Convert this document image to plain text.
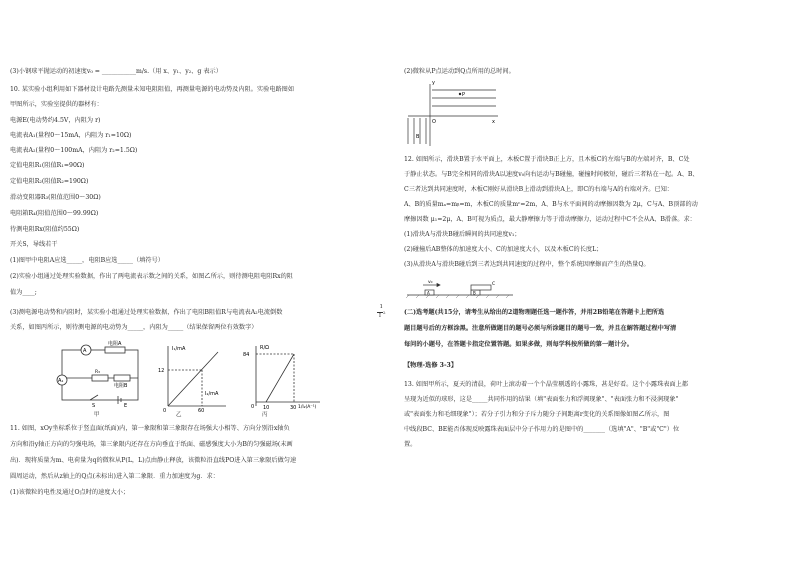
(3)小钢球平抛运动的初速度v₀ = ___________m/s.（用 x、y₁、y₂、g 表示）
10. 某实验小组利用如下器材设计电路先测量未知电阻阻值，再测量电源的电动势及内阻。实验电路图如
甲图所示，实验室提供的器材有：
电源E(电动势约4.5V，内阻为 r)
电流表A₁(量程0～15mA，内阻为 r₁=10Ω)
电流表A₂(量程0～100mA，内阻为 r₂=1.5Ω)
定值电阻R₁(阻值R₁=90Ω)
定值电阻R₂(阻值R₂=190Ω)
滑动变阻器R₃(阻值范围0～30Ω)
电阻箱R₄(阻值范围0～99.99Ω)
待测电阻Rx(阻值约55Ω)
开关S，导线若干
(1)图甲中电阻A应选_____，电阻B应选_____（填符号）
(2)实验小组通过处理实验数据，作出了两电流表示数之间的关系，如图乙所示，则待测电阻电阻Rx的阻
值为____;
(3)测电源电动势和内阻时，某实验小组通过处理实验数据，作出了电阻B阻值R与电流表A₂电流倒数
1
$I^2$
关系，如图丙所示，则待测电源的电动势为_____，内阻为_____（结果保留两位有效数字）
A
A₁
电阻A
R₃
电阻B
S	E
甲
I₁/mA
I₂/mA
12
60
0
乙
R/Ω
84
0 10	30 1/I₂(A⁻¹)
丙
11. 如图，xOy坐标系位于竖直面(纸面)内，第一象限和第三象限存在场强大小相等、方向分别沿x轴负
方向和沿y轴正方向的匀强电场，第三象限内还存在方向垂直于纸面、磁感强度大小为B的匀强磁场(未画
出)．现将质量为m、电荷量为q的微粒从P(L，L)点由静止释放，该微粒沿直线PO进入第三象限后做匀速
圆周运动，然后从z轴上的Q点(未标出)进入第二象限．重力加速度为g．求：
(1)该微粒的电性及通过O点时的速度大小；
(2)微粒从P点运动到Q点所用的总时间。
y
x
P
O
B
12. 如图所示，滑块B置于水平面上，木板C置于滑块B正上方，且木板C的左端与B的左端对齐，B、C处
于静止状态。与B完全相同的滑块A以速度v₀向右运动与B碰撞，碰撞时间极短，碰后三者粘在一起。A、B、
C三者达到共同速度时，木板C刚好从滑块B上滑动到滑块A上，即C的右端与A的右端对齐。已知：
A、B的质量mₐ=mᵦ=m，木板C的质量mᶜ=2m，A、B与水平面间的动摩擦因数为 2μ，C与A、B顶部的动
摩擦因数 μ₁=2μ，A、B可视为质点，最大静摩擦力等于滑动摩擦力，运动过程中C不会从A、B滑落。求：
(1)滑块A与滑块B碰后瞬间的共同速度v₁；
(2)碰撞后AB整体的加速度大小、C的加速度大小，以及木板C的长度L；
(3)从滑块A与滑块B碰后到三者达到共同速度的过程中，整个系统因摩擦而产生的热量Q。
v₀
A	B
C
(二)选考题(共15分，请考生从给出的2道物理题任选一题作答，并用2B铅笔在答题卡上把所选
题目题号后的方框涂黑。注意所做题目的题号必须与所涂题目的题号一致，并且在解答题过程中写清
每问的小题号，在答题卡指定位置答题。如果多做，则每学科按所做的第一题计分。
【物理-选修 3-3】
13. 如图甲所示，夏天的清晨，荷叶上滚动着一个个晶莹剔透的小露珠，甚是好看。这个小露珠表面上都
呈现为近似的球形，这是_____共同作用的结果（填"表面张力和浮阀现象"、"表面张力和不浸润现象"
或"表面张力和毛细现象"）；若分子引力和分子斥力随分子间距离r变化的关系图像如图乙所示，图
中线段BC、BE能否体现反映露珠表面层中分子作用力的是图中的_______（选填"A"、"B"或"C"）位
置。
